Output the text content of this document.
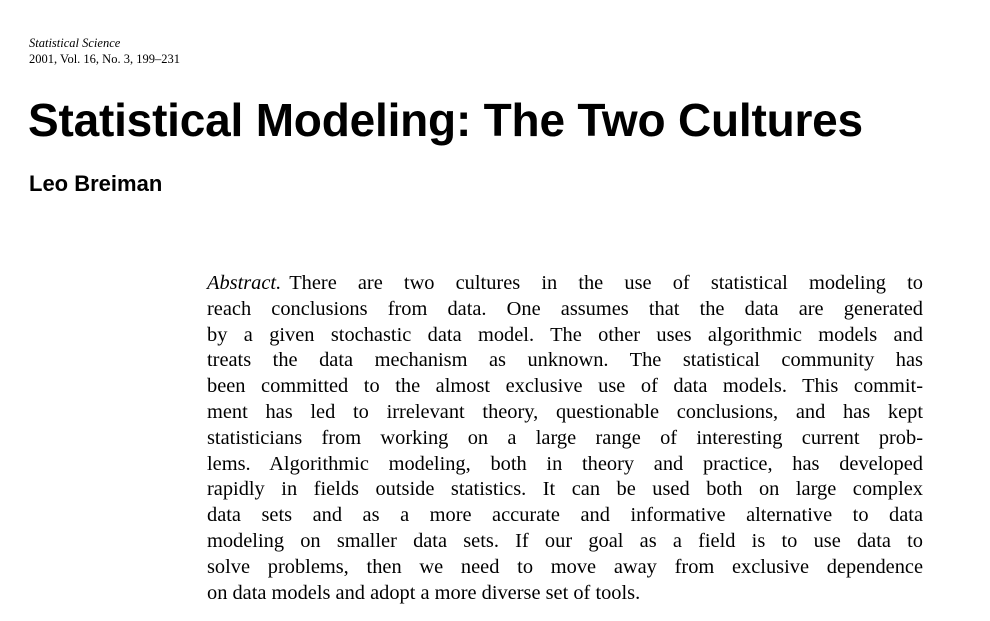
Statistical Science
2001, Vol. 16, No. 3, 199–231
Statistical Modeling: The Two Cultures
Leo Breiman
Abstract. There are two cultures in the use of statistical modeling to
reach conclusions from data. One assumes that the data are generated
by a given stochastic data model. The other uses algorithmic models and
treats the data mechanism as unknown. The statistical community has
been committed to the almost exclusive use of data models. This commit-
ment has led to irrelevant theory, questionable conclusions, and has kept
statisticians from working on a large range of interesting current prob-
lems. Algorithmic modeling, both in theory and practice, has developed
rapidly in fields outside statistics. It can be used both on large complex
data sets and as a more accurate and informative alternative to data
modeling on smaller data sets. If our goal as a field is to use data to
solve problems, then we need to move away from exclusive dependence
on data models and adopt a more diverse set of tools.
